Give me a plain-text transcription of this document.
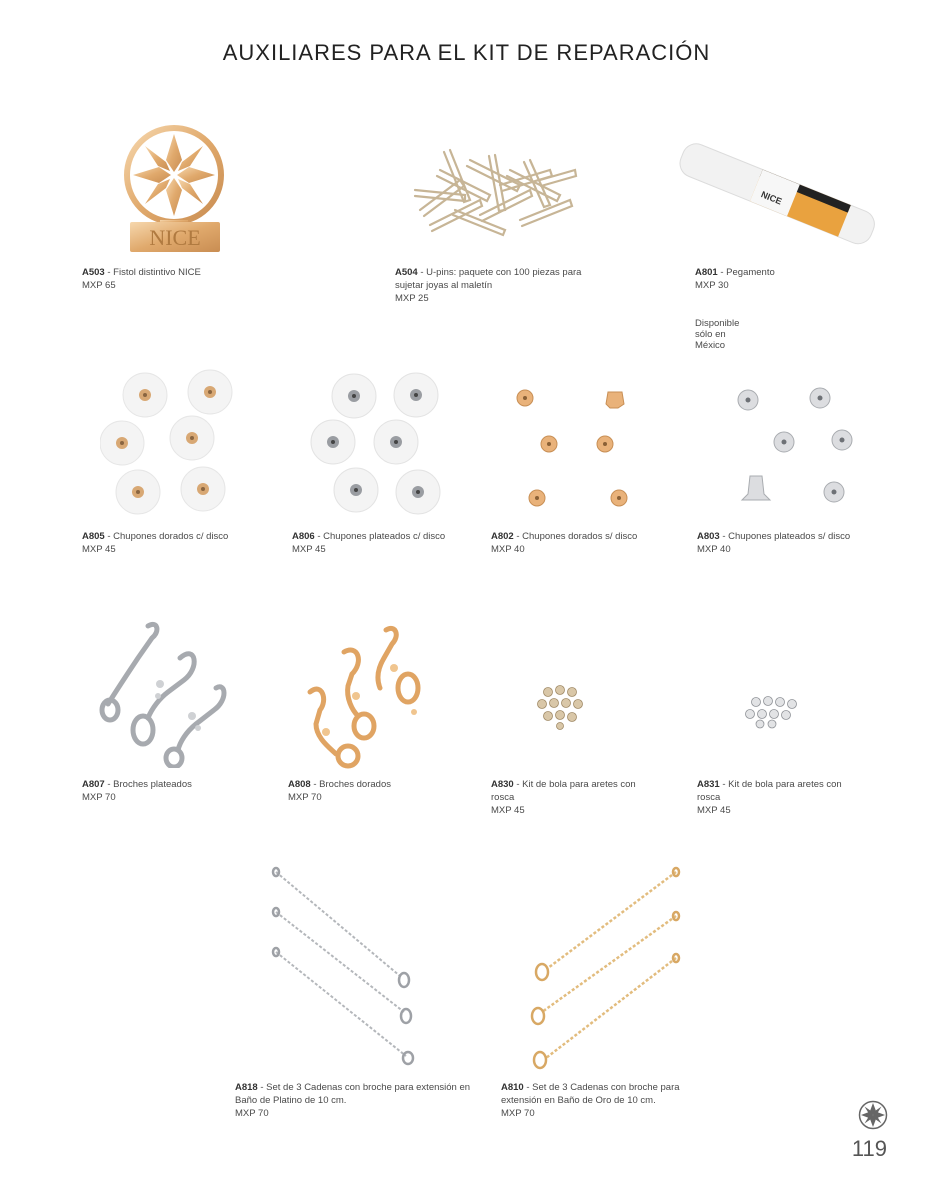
AUXILIARES PARA EL KIT DE REPARACIÓN
NICE
A503 - Fistol distintivo NICE
MXP 65
A504 - U-pins: paquete con 100 piezas para sujetar joyas al maletín
MXP 25
NICE
A801 - Pegamento
MXP 30
Disponible sólo en México
A805 - Chupones dorados c/ disco
MXP 45
A806 - Chupones plateados c/ disco
MXP 45
A802 - Chupones dorados s/ disco
MXP 40
A803 - Chupones plateados s/ disco
MXP 40
A807 - Broches plateados
MXP 70
A808 - Broches dorados
MXP 70
A830 - Kit de bola para aretes con rosca
MXP 45
A831 - Kit de bola para aretes con rosca
MXP 45
A818 - Set de 3 Cadenas con broche para extensión en Baño de Platino de 10 cm.
MXP 70
A810 - Set de 3 Cadenas con broche para extensión en Baño de Oro de 10 cm.
MXP 70
119
